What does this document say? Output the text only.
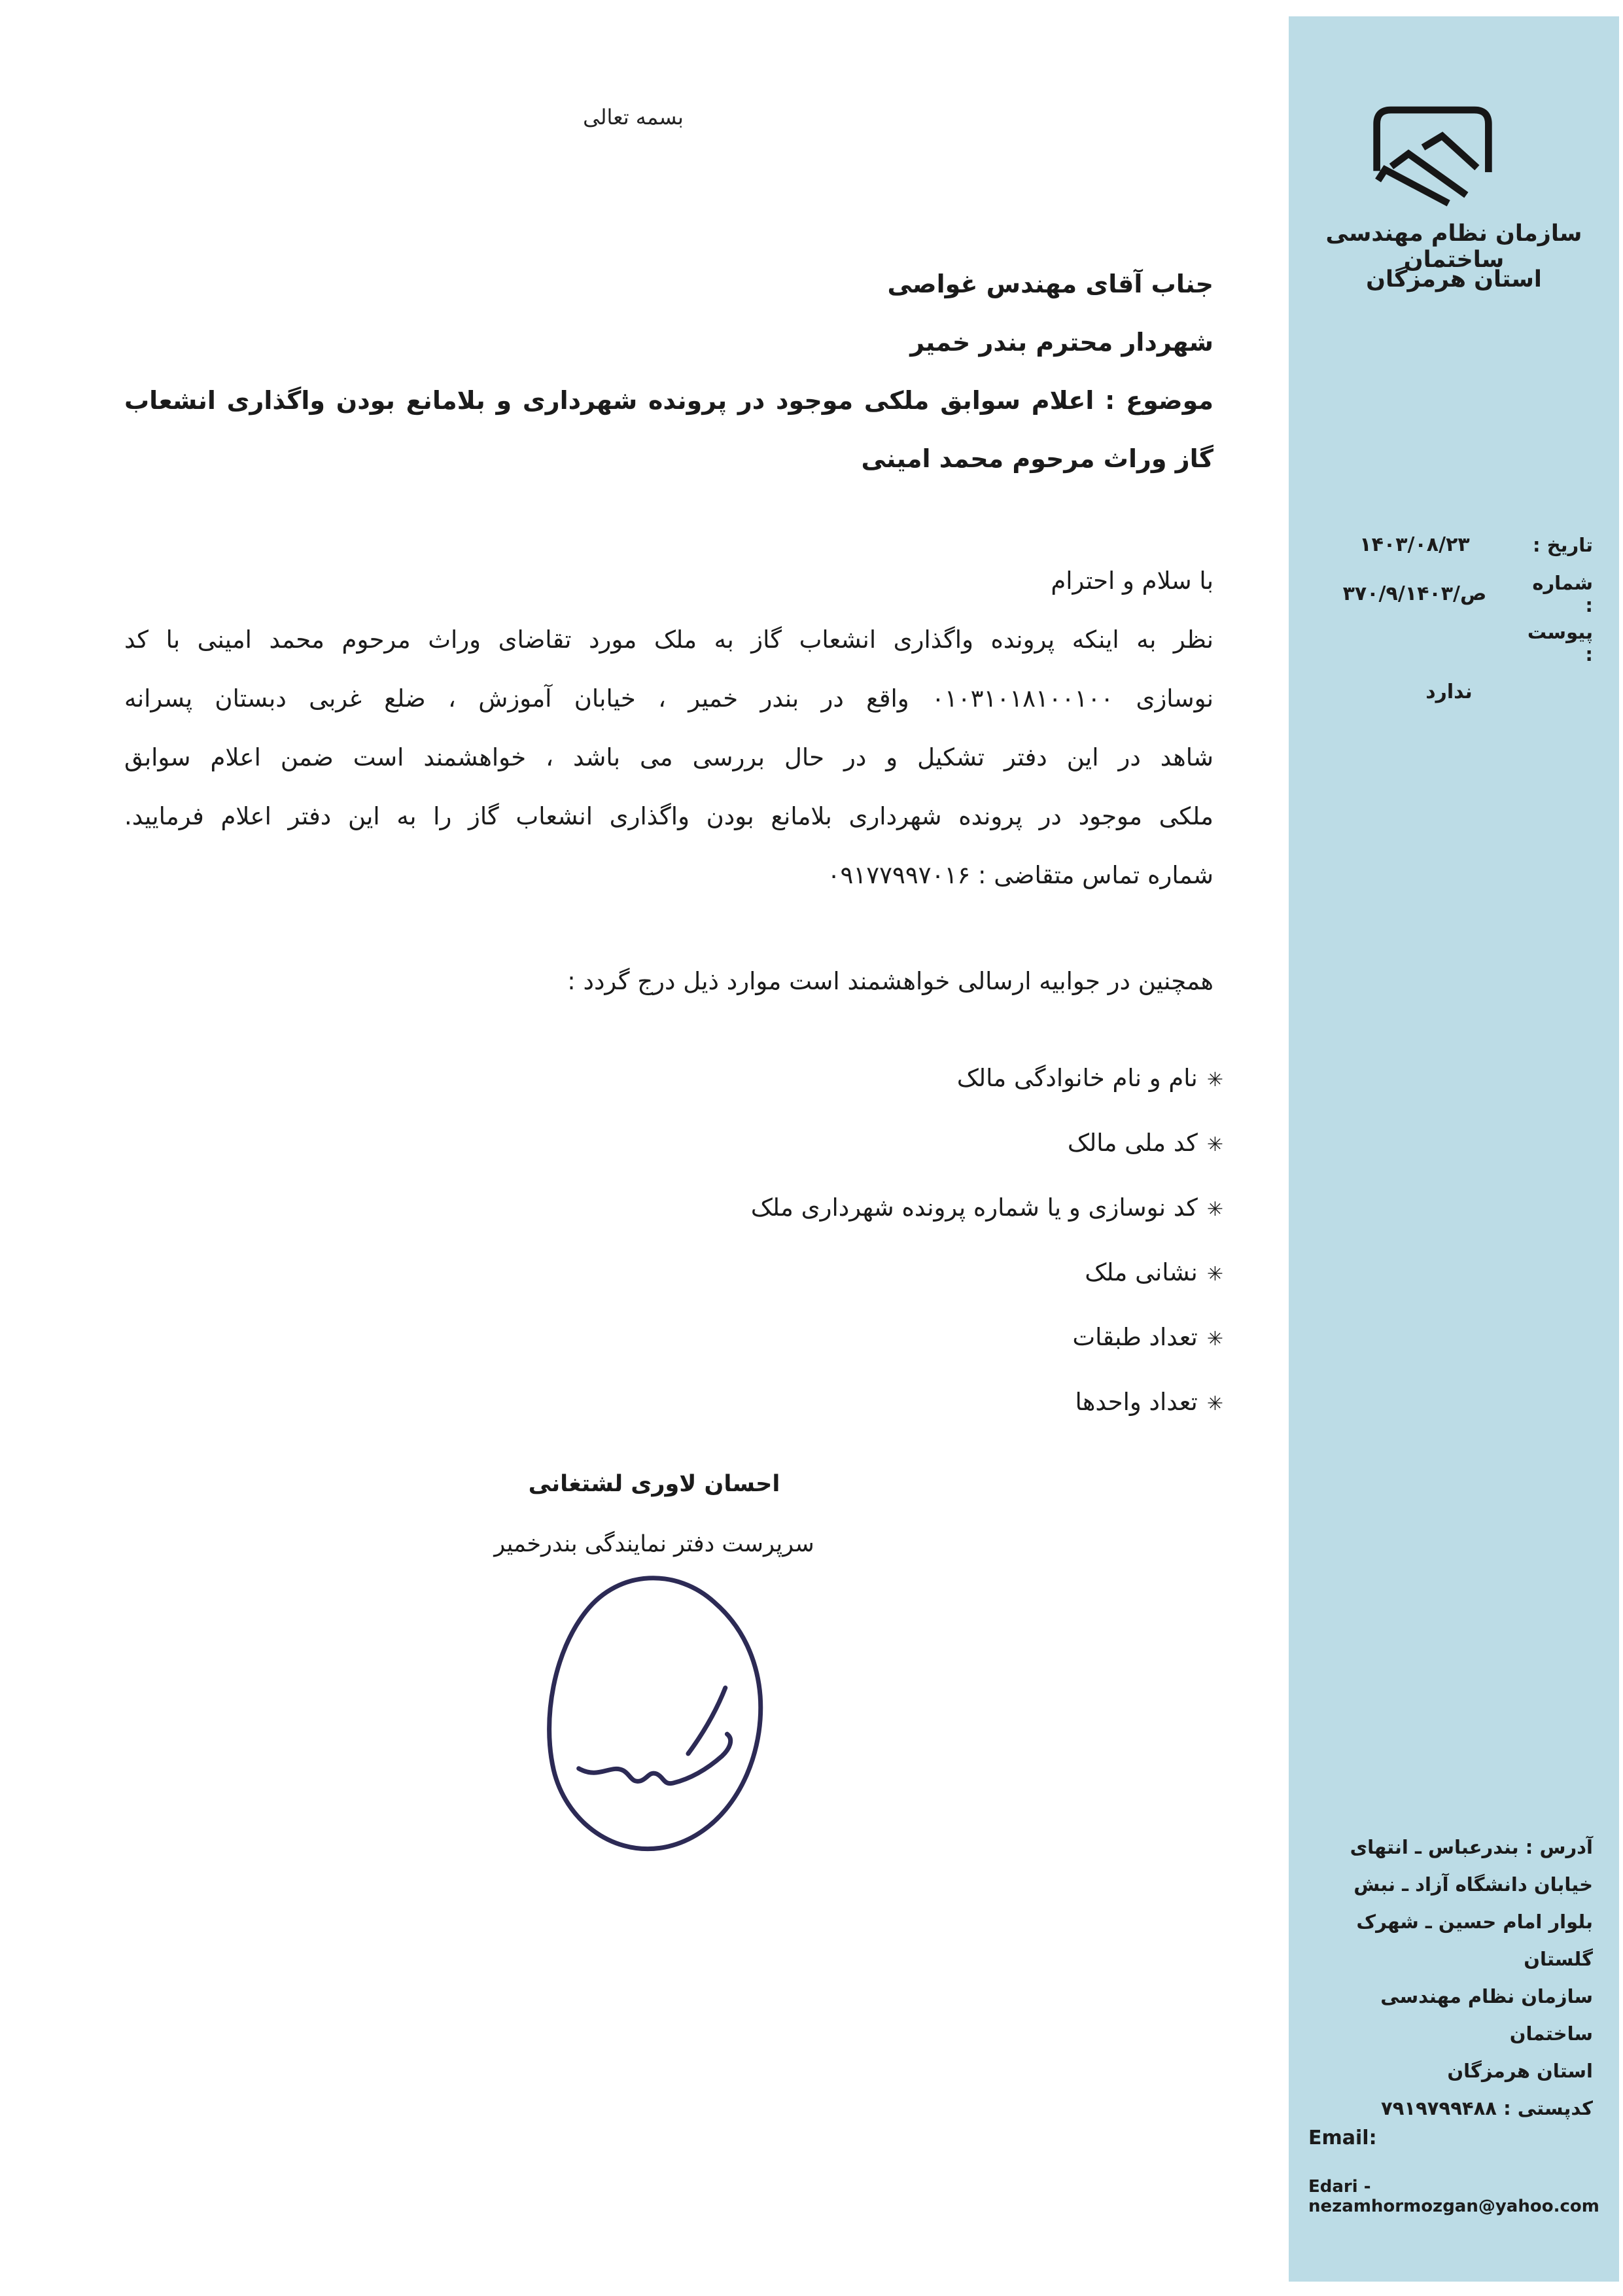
بسمه تعالی
جناب آقای مهندس غواصی
شهردار محترم بندر خمیر
موضوع : اعلام سوابق ملکی موجود در پرونده شهرداری و بلامانع بودن واگذاری انشعاب
گاز وراث مرحوم محمد امینی
با سلام و احترام
نظر به اینکه پرونده واگذاری انشعاب گاز به ملک مورد تقاضای وراث مرحوم محمد امینی با کد
نوسازی ۰۱۰۳۱۰۱۸۱۰۰۱۰۰ واقع در بندر خمیر ، خیابان آموزش ، ضلع غربی دبستان پسرانه
شاهد در این دفتر تشکیل و در حال بررسی می باشد ، خواهشمند است ضمن اعلام سوابق
ملکی موجود در پرونده شهرداری بلامانع بودن واگذاری انشعاب گاز را به این دفتر اعلام فرمایید.
شماره تماس متقاضی : ۰۹۱۷۷۹۹۷۰۱۶
همچنین در جوابیه ارسالی خواهشمند است موارد ذیل درج گردد :
✳نام و نام خانوادگی مالک
✳کد ملی مالک
✳کد نوسازی و یا شماره پرونده شهرداری ملک
✳نشانی ملک
✳تعداد طبقات
✳تعداد واحدها
احسان لاوری لشتغانی
سرپرست دفتر نمایندگی بندرخمیر
سازمان نظام مهندسی ساختمان
استان هرمزگان
تاریخ :
۱۴۰۳/۰۸/۲۳
شماره :
ص/۳۷۰/۹/۱۴۰۳
پیوست :
ندارد
آدرس : بندرعباس ـ انتهای
خیابان دانشگاه آزاد ـ نبش
بلوار امام حسین ـ شهرک
گلستان
سازمان نظام مهندسی ساختمان
استان هرمزگان
کدپستی : ۷۹۱۹۷۹۹۴۸۸
Email:
Edari - nezamhormozgan@yahoo.com
